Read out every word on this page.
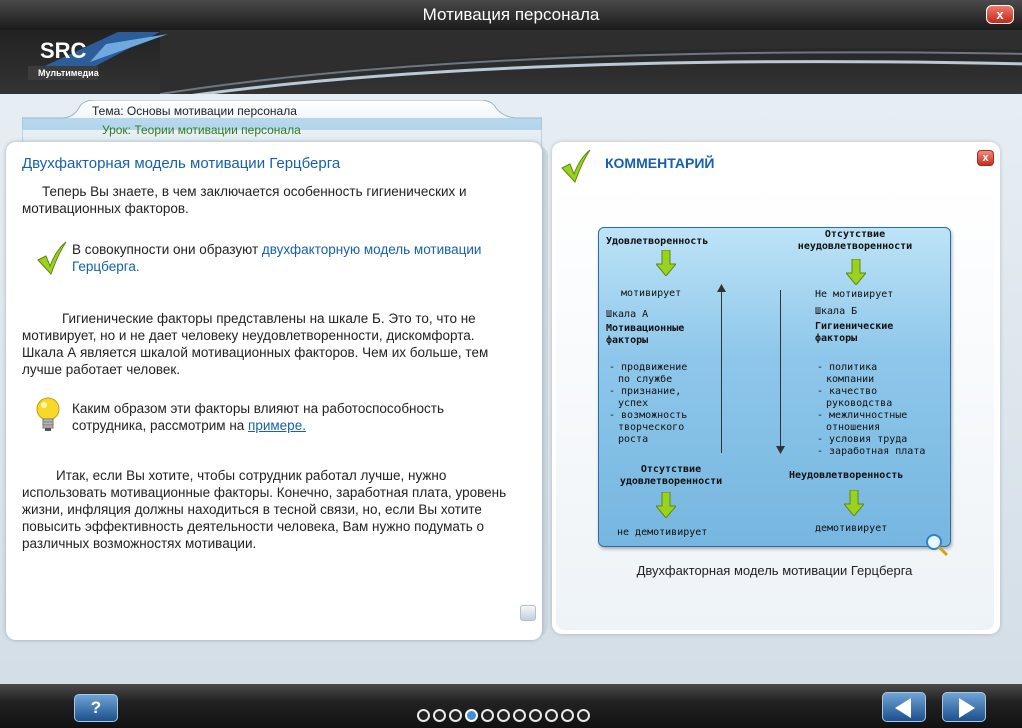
Мотивация персонала	x
SRC
Мультимедиа
Тема: Основы мотивации персонала
Урок: Теории мотивации персонала
Двухфакторная модель мотивации Герцберга
Теперь Вы знаете, в чем заключается особенность гигиенических и мотивационных факторов.
В совокупности они образуют двухфакторную модель мотивации Герцберга.
Гигиенические факторы представлены на шкале Б. Это то, что не мотивирует, но и не дает человеку неудовлетворенности, дискомфорта. Шкала А является шкалой мотивационных факторов. Чем их больше, тем лучше работает человек.
Каким образом эти факторы влияют на работоспособность сотрудника, рассмотрим на примере.
Итак, если Вы хотите, чтобы сотрудник работал лучше, нужно использовать мотивационные факторы. Конечно, заработная плата, уровень жизни, инфляция должны находиться в тесной связи, но, если Вы хотите повысить эффективность деятельности человека, Вам нужно подумать о различных возможностях мотивации.
КОММЕНТАРИЙ	x
Удовлетворенность
мотивирует
Шкала А
Мотивационные факторы
- продвижение
по службе
- признание,
успех
- возможность
творческого
роста
Отсутствие удовлетворенности
не демотивирует
Отсутствие неудовлетворенности
Не мотивирует
Шкала Б
Гигиенические факторы
- политика
компании
- качество
руководства
- межличностные
отношения
- условия труда
- заработная плата
Неудовлетворенность
демотивирует
Двухфакторная модель мотивации Герцберга
?
